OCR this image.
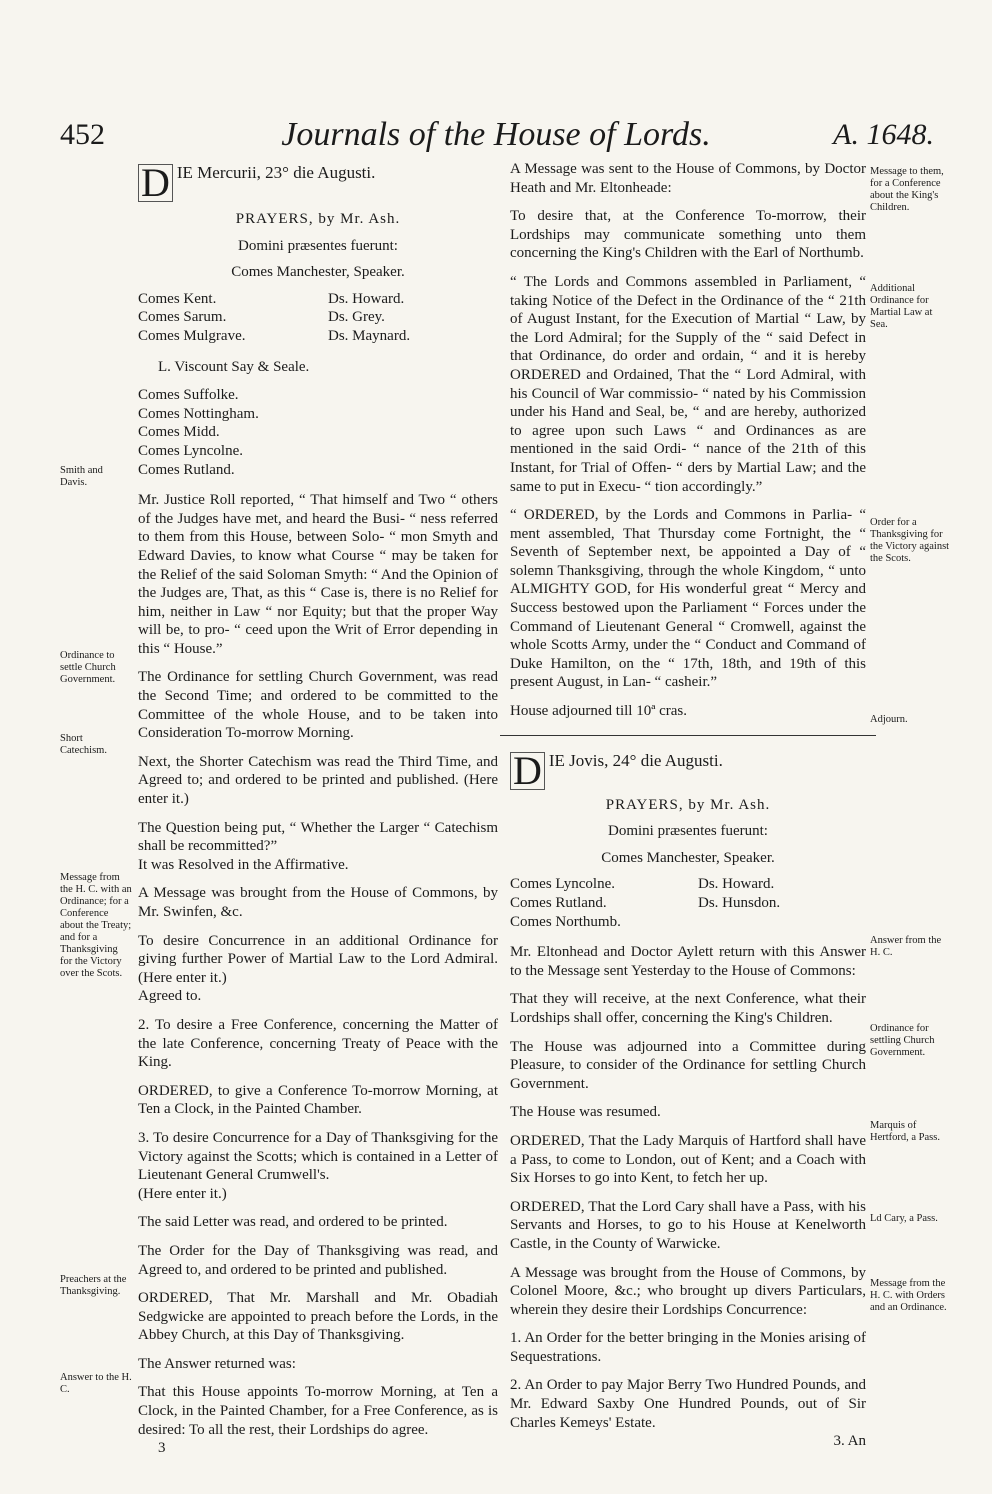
452	Journals of the House of Lords.	A. 1648.
D IE Mercurii, 23° die Augusti.
PRAYERS, by Mr. Ash.
Domini præsentes fuerunt:
Comes Manchester, Speaker.
Comes Kent.
Comes Sarum.
Comes Mulgrave.
Ds. Howard.
Ds. Grey.
Ds. Maynard.
L. Viscount Say & Seale.
Comes Suffolke.
Comes Nottingham.
Comes Midd.
Comes Lyncolne.
Comes Rutland.

Mr. Justice Roll reported, “ That himself and Two “ others of the Judges have met, and heard the Busi- “ ness referred to them from this House, between Solo- “ mon Smyth and Edward Davies, to know what Course “ may be taken for the Relief of the said Soloman Smyth: “ And the Opinion of the Judges are, That, as this “ Case is, there is no Relief for him, neither in Law “ nor Equity; but that the proper Way will be, to pro- “ ceed upon the Writ of Error depending in this “ House.”

The Ordinance for settling Church Government, was read the Second Time; and ordered to be committed to the Committee of the whole House, and to be taken into Consideration To-morrow Morning.

Next, the Shorter Catechism was read the Third Time, and Agreed to; and ordered to be printed and published. (Here enter it.)

The Question being put, “ Whether the Larger “ Catechism shall be recommitted?”

It was Resolved in the Affirmative.

A Message was brought from the House of Commons, by Mr. Swinfen, &c.

To desire Concurrence in an additional Ordinance for giving further Power of Martial Law to the Lord Admiral. (Here enter it.)

Agreed to.

2. To desire a Free Conference, concerning the Matter of the late Conference, concerning Treaty of Peace with the King.

ORDERED, to give a Conference To-morrow Morning, at Ten a Clock, in the Painted Chamber.

3. To desire Concurrence for a Day of Thanksgiving for the Victory against the Scotts; which is contained in a Letter of Lieutenant General Crumwell's.

(Here enter it.)

The said Letter was read, and ordered to be printed.

The Order for the Day of Thanksgiving was read, and Agreed to, and ordered to be printed and published.

ORDERED, That Mr. Marshall and Mr. Obadiah Sedgwicke are appointed to preach before the Lords, in the Abbey Church, at this Day of Thanksgiving.

The Answer returned was:

That this House appoints To-morrow Morning, at Ten a Clock, in the Painted Chamber, for a Free Conference, as is desired: To all the rest, their Lordships do agree.

3

A Message was sent to the House of Commons, by Doctor Heath and Mr. Eltonheade:

To desire that, at the Conference To-morrow, their Lordships may communicate something unto them concerning the King's Children with the Earl of Northumb.

“ The Lords and Commons assembled in Parliament, “ taking Notice of the Defect in the Ordinance of the “ 21th of August Instant, for the Execution of Martial “ Law, by the Lord Admiral; for the Supply of the “ said Defect in that Ordinance, do order and ordain, “ and it is hereby ORDERED and Ordained, That the “ Lord Admiral, with his Council of War commissio- “ nated by his Commission under his Hand and Seal, be, “ and are hereby, authorized to agree upon such Laws “ and Ordinances as are mentioned in the said Ordi- “ nance of the 21th of this Instant, for Trial of Offen- “ ders by Martial Law; and the same to put in Execu- “ tion accordingly.”

“ ORDERED, by the Lords and Commons in Parlia- “ ment assembled, That Thursday come Fortnight, the “ Seventh of September next, be appointed a Day of “ solemn Thanksgiving, through the whole Kingdom, “ unto ALMIGHTY GOD, for His wonderful great “ Mercy and Success bestowed upon the Parliament “ Forces under the Command of Lieutenant General “ Cromwell, against the whole Scotts Army, under the “ Conduct and Command of Duke Hamilton, on the “ 17th, 18th, and 19th of this present August, in Lan- “ casheir.”

House adjourned till 10ª cras.

D IE Jovis, 24° die Augusti.
PRAYERS, by Mr. Ash.
Domini præsentes fuerunt:
Comes Manchester, Speaker.
Comes Lyncolne.
Comes Rutland.
Comes Northumb.
Ds. Howard.
Ds. Hunsdon.

Mr. Eltonhead and Doctor Aylett return with this Answer to the Message sent Yesterday to the House of Commons:

That they will receive, at the next Conference, what their Lordships shall offer, concerning the King's Children.

The House was adjourned into a Committee during Pleasure, to consider of the Ordinance for settling Church Government.

The House was resumed.

ORDERED, That the Lady Marquis of Hartford shall have a Pass, to come to London, out of Kent; and a Coach with Six Horses to go into Kent, to fetch her up.

ORDERED, That the Lord Cary shall have a Pass, with his Servants and Horses, to go to his House at Kenelworth Castle, in the County of Warwicke.

A Message was brought from the House of Commons, by Colonel Moore, &c.; who brought up divers Particulars, wherein they desire their Lordships Concurrence:

1. An Order for the better bringing in the Monies arising of Sequestrations.

2. An Order to pay Major Berry Two Hundred Pounds, and Mr. Edward Saxby One Hundred Pounds, out of Sir Charles Kemeys' Estate.

3. An
Smith and Davis.
Ordinance to settle Church Government.
Short Catechism.
Message from the H. C. with an Ordinance; for a Conference about the Treaty; and for a Thanksgiving for the Victory over the Scots.
Preachers at the Thanksgiving.
Answer to the H. C.
Message to them, for a Conference about the King's Children.
Additional Ordinance for Martial Law at Sea.
Order for a Thanksgiving for the Victory against the Scots.
Adjourn.
Answer from the H. C.
Ordinance for settling Church Government.
Marquis of Hertford, a Pass.
Ld Cary, a Pass.
Message from the H. C. with Orders and an Ordinance.
